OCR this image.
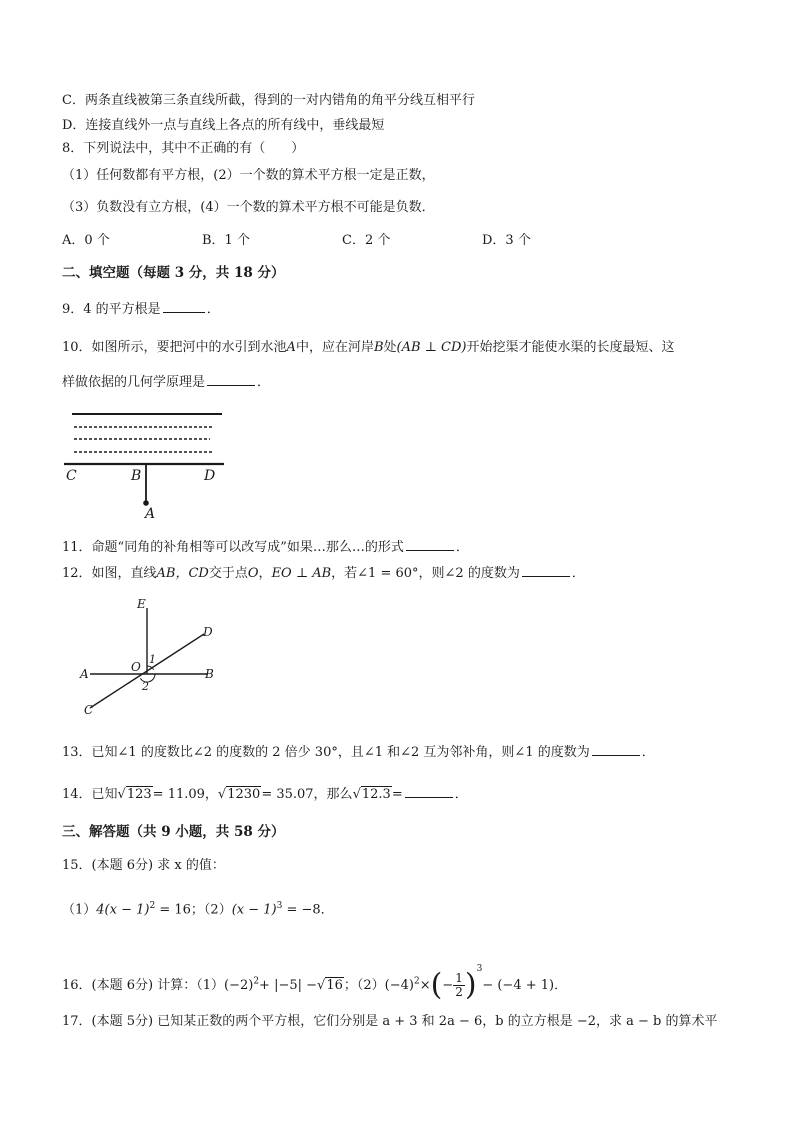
C．两条直线被第三条直线所截，得到的一对内错角的角平分线互相平行
D．连接直线外一点与直线上各点的所有线中，垂线最短
8．下列说法中，其中不正确的有（　　）
（1）任何数都有平方根，(2）一个数的算术平方根一定是正数，
（3）负数没有立方根，(4）一个数的算术平方根不可能是负数．
A．0 个	B．1 个	C．2 个	D．3 个
二、填空题（每题 3 分，共 18 分）
9．4 的平方根是	．
10．如图所示，要把河中的水引到水池A中，应在河岸B处(AB ⊥ CD)开始挖渠才能使水渠的长度最短、这
样做依据的几何学原理是	．
C	B	D
A
11．命题“同角的补角相等可以改写成”如果…那么…的形式	．
12．如图，直线AB，CD交于点O，EO ⊥ AB，若∠1 = 60°，则∠2 的度数为	．
E
D
A	O
1
2
B
C
13．已知∠1 的度数比∠2 的度数的 2 倍少 30°，且∠1 和∠2 互为邻补角，则∠1 的度数为	．
14．已知√123= 11.09，√1230= 35.07，那么√12.3=	．
三、解答题（共 9 小题，共 58 分）
15．(本题 6分) 求 x 的值：
$(1)4(x - 1)^2 = 16$；$(2)(x - 1)^3 = -8$．
16．(本题 6分) 计算：$(1)(-2)^2+ |-5| -√16$；$(2)(-4)^2\times(- \frac{1}{2} )^3- (-4 + 1)$．
17．(本题 5分) 已知某正数的两个平方根，它们分别是 a + 3 和 2a − 6，b 的立方根是 −2，求 a − b 的算术平
